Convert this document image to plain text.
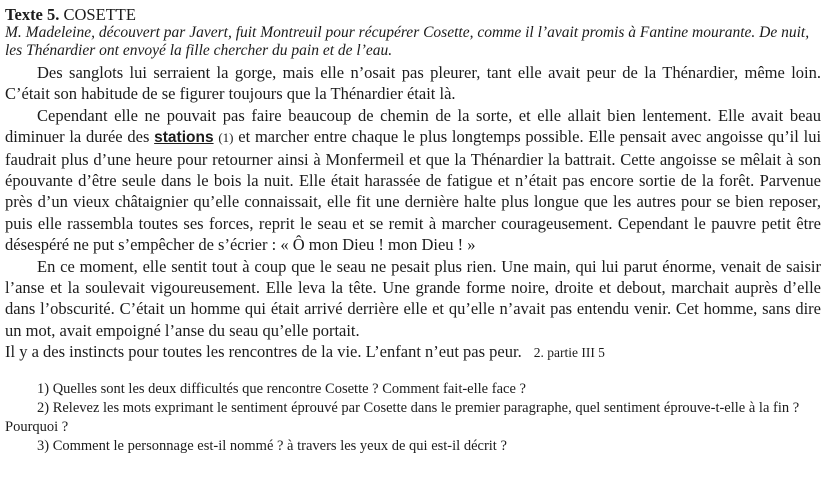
Texte 5. COSETTE

M. Madeleine, découvert par Javert, fuit Montreuil pour récupérer Cosette, comme il l’avait promis à Fantine mourante. De nuit, les Thénardier ont envoyé la fille chercher du pain et de l’eau.

Des sanglots lui serraient la gorge, mais elle n’osait pas pleurer, tant elle avait peur de la Thénardier, même loin. C’était son habitude de se figurer toujours que la Thénardier était là.

Cependant elle ne pouvait pas faire beaucoup de chemin de la sorte, et elle allait bien lentement. Elle avait beau diminuer la durée des stations (1) et marcher entre chaque le plus longtemps possible. Elle pensait avec angoisse qu’il lui faudrait plus d’une heure pour retourner ainsi à Monfermeil et que la Thénardier la battrait. Cette angoisse se mêlait à son épouvante d’être seule dans le bois la nuit. Elle était harassée de fatigue et n’était pas encore sortie de la forêt. Parvenue près d’un vieux châtaignier qu’elle connaissait, elle fit une dernière halte plus longue que les autres pour se bien reposer, puis elle rassembla toutes ses forces, reprit le seau et se remit à marcher courageusement. Cependant le pauvre petit être désespéré ne put s’empêcher de s’écrier : « Ô mon Dieu ! mon Dieu ! »

En ce moment, elle sentit tout à coup que le seau ne pesait plus rien. Une main, qui lui parut énorme, venait de saisir l’anse et la soulevait vigoureusement. Elle leva la tête. Une grande forme noire, droite et debout, marchait auprès d’elle dans l’obscurité. C’était un homme qui était arrivé derrière elle et qu’elle n’avait pas entendu venir. Cet homme, sans dire un mot, avait empoigné l’anse du seau qu’elle portait.

Il y a des instincts pour toutes les rencontres de la vie. L’enfant n’eut pas peur. 2. partie III 5

1) Quelles sont les deux difficultés que rencontre Cosette ? Comment fait-elle face ?

2) Relevez les mots exprimant le sentiment éprouvé par Cosette dans le premier paragraphe, quel sentiment éprouve-t-elle à la fin ? Pourquoi ?

3) Comment le personnage est-il nommé ? à travers les yeux de qui est-il décrit ?
